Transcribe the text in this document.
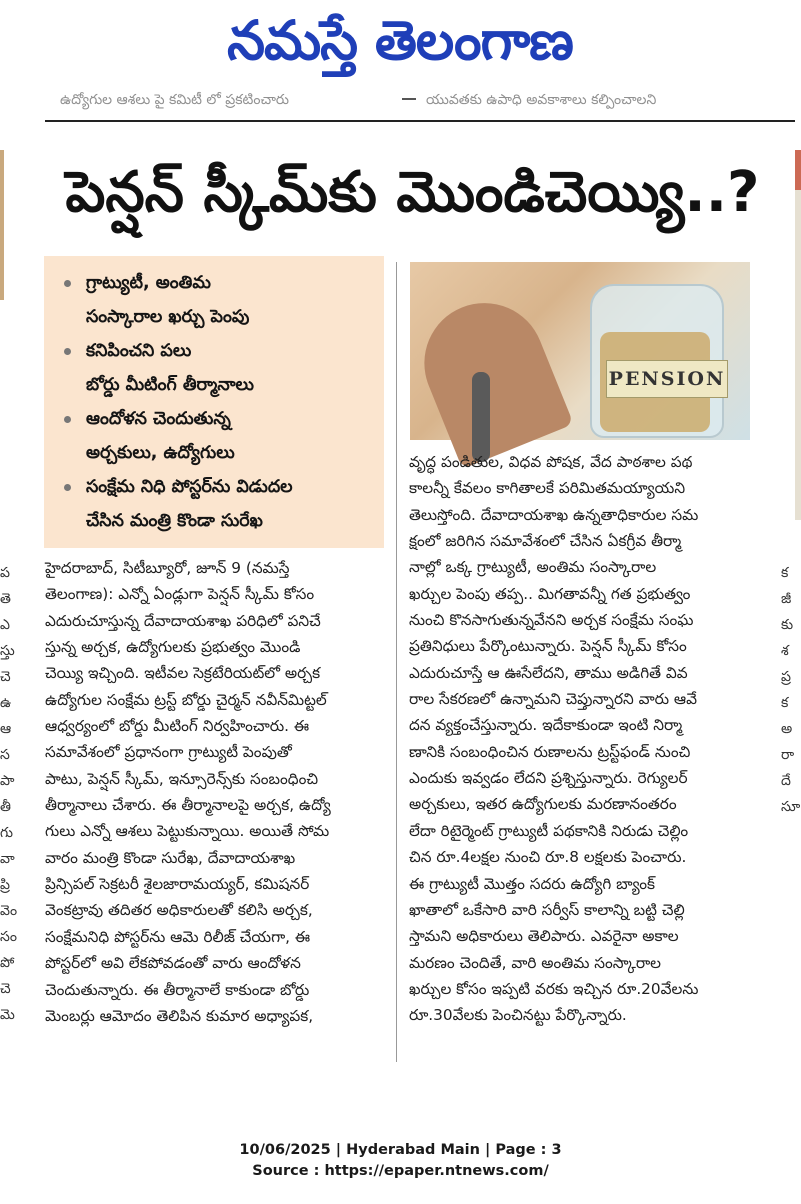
నమస్తే తెలంగాణ
ఉద్యోగుల ఆశలు పై కమిటీ లో ప్రకటించారు	యువతకు ఉపాధి అవకాశాలు కల్పించాలని
పెన్షన్ స్కీమ్‌కు మొండిచెయ్యి..?
గ్రాట్యుటీ, అంతిమ
సంస్కారాల ఖర్చు పెంపు
కనిపించని పలు
బోర్డు మీటింగ్ తీర్మానాలు
ఆందోళన చెందుతున్న
అర్చకులు, ఉద్యోగులు
సంక్షేమ నిధి పోస్టర్‌ను విడుదల
చేసిన మంత్రి కొండా సురేఖ
PENSION
హైదరాబాద్, సిటీబ్యూరో, జూన్ 9 (నమస్తే
తెలంగాణ): ఎన్నో ఏండ్లుగా పెన్షన్ స్కీమ్ కోసం
ఎదురుచూస్తున్న దేవాదాయశాఖ పరిధిలో పనిచే
స్తున్న అర్చక, ఉద్యోగులకు ప్రభుత్వం మొండి
చెయ్యి ఇచ్చింది. ఇటీవల సెక్రటేరియట్‌లో అర్చక
ఉద్యోగుల సంక్షేమ ట్రస్ట్ బోర్డు చైర్మన్ నవీన్‌మిట్టల్
ఆధ్వర్యంలో బోర్డు మీటింగ్ నిర్వహించారు. ఈ
సమావేశంలో ప్రధానంగా గ్రాట్యుటీ పెంపుతో
పాటు, పెన్షన్ స్కీమ్, ఇన్సూరెన్స్‌కు సంబంధించి
తీర్మానాలు చేశారు. ఈ తీర్మానాలపై అర్చక, ఉద్యో
గులు ఎన్నో ఆశలు పెట్టుకున్నాయి. అయితే సోమ
వారం మంత్రి కొండా సురేఖ, దేవాదాయశాఖ
ప్రిన్సిపల్ సెక్రటరీ శైలజారామయ్యర్, కమిషనర్
వెంకట్రావు తదితర అధికారులతో కలిసి అర్చక,
సంక్షేమనిధి పోస్టర్‌ను ఆమె రిలీజ్ చేయగా, ఈ
పోస్టర్‌లో అవి లేకపోవడంతో వారు ఆందోళన
చెందుతున్నారు. ఈ తీర్మానాలే కాకుండా బోర్డు
మెంబర్లు ఆమోదం తెలిపిన కుమార అధ్యాపక,
వృద్ధ పండితుల, విధవ పోషక, వేద పాఠశాల పథ
కాలన్నీ కేవలం కాగితాలకే పరిమితమయ్యాయని
తెలుస్తోంది. దేవాదాయశాఖ ఉన్నతాధికారుల సమ
క్షంలో జరిగిన సమావేశంలో చేసిన ఏకగ్రీవ తీర్మా
నాల్లో ఒక్క గ్రాట్యుటీ, అంతిమ సంస్కారాల
ఖర్చుల పెంపు తప్ప.. మిగతావన్నీ గత ప్రభుత్వం
నుంచి కొనసాగుతున్నవేనని అర్చక సంక్షేమ సంఘ
ప్రతినిధులు పేర్కొంటున్నారు. పెన్షన్ స్కీమ్ కోసం
ఎదురుచూస్తే ఆ ఊసేలేదని, తాము అడిగితే వివ
రాల సేకరణలో ఉన్నామని చెప్తున్నారని వారు ఆవే
దన వ్యక్తంచేస్తున్నారు. ఇదేకాకుండా ఇంటి నిర్మా
ణానికి సంబంధించిన రుణాలను ట్రస్ట్‌ఫండ్ నుంచి
ఎందుకు ఇవ్వడం లేదని ప్రశ్నిస్తున్నారు. రెగ్యులర్
అర్చకులు, ఇతర ఉద్యోగులకు మరణానంతరం
లేదా రిటైర్మెంట్ గ్రాట్యుటీ పథకానికి నిరుడు చెల్లిం
చిన రూ.4లక్షల నుంచి రూ.8 లక్షలకు పెంచారు.
ఈ గ్రాట్యుటీ మొత్తం సదరు ఉద్యోగి బ్యాంక్
ఖాతాలో ఒకేసారి వారి సర్వీస్ కాలాన్ని బట్టి చెల్లి
స్తామని అధికారులు తెలిపారు. ఎవరైనా అకాల
మరణం చెందితే, వారి అంతిమ సంస్కారాల
ఖర్చుల కోసం ఇప్పటి వరకు ఇచ్చిన రూ.20వేలను
రూ.30వేలకు పెంచినట్టు పేర్కొన్నారు.
ప
తె
ఎ
స్తు
చె
ఉ
ఆ
స
పా
తీ
గు
వా
ప్రి
వెం
సం
పో
చె
మె
క
జీ
కు
శ
ప్ర
క
అ
రా
దే
సూ
10/06/2025 | Hyderabad Main | Page : 3
Source : https://epaper.ntnews.com/
